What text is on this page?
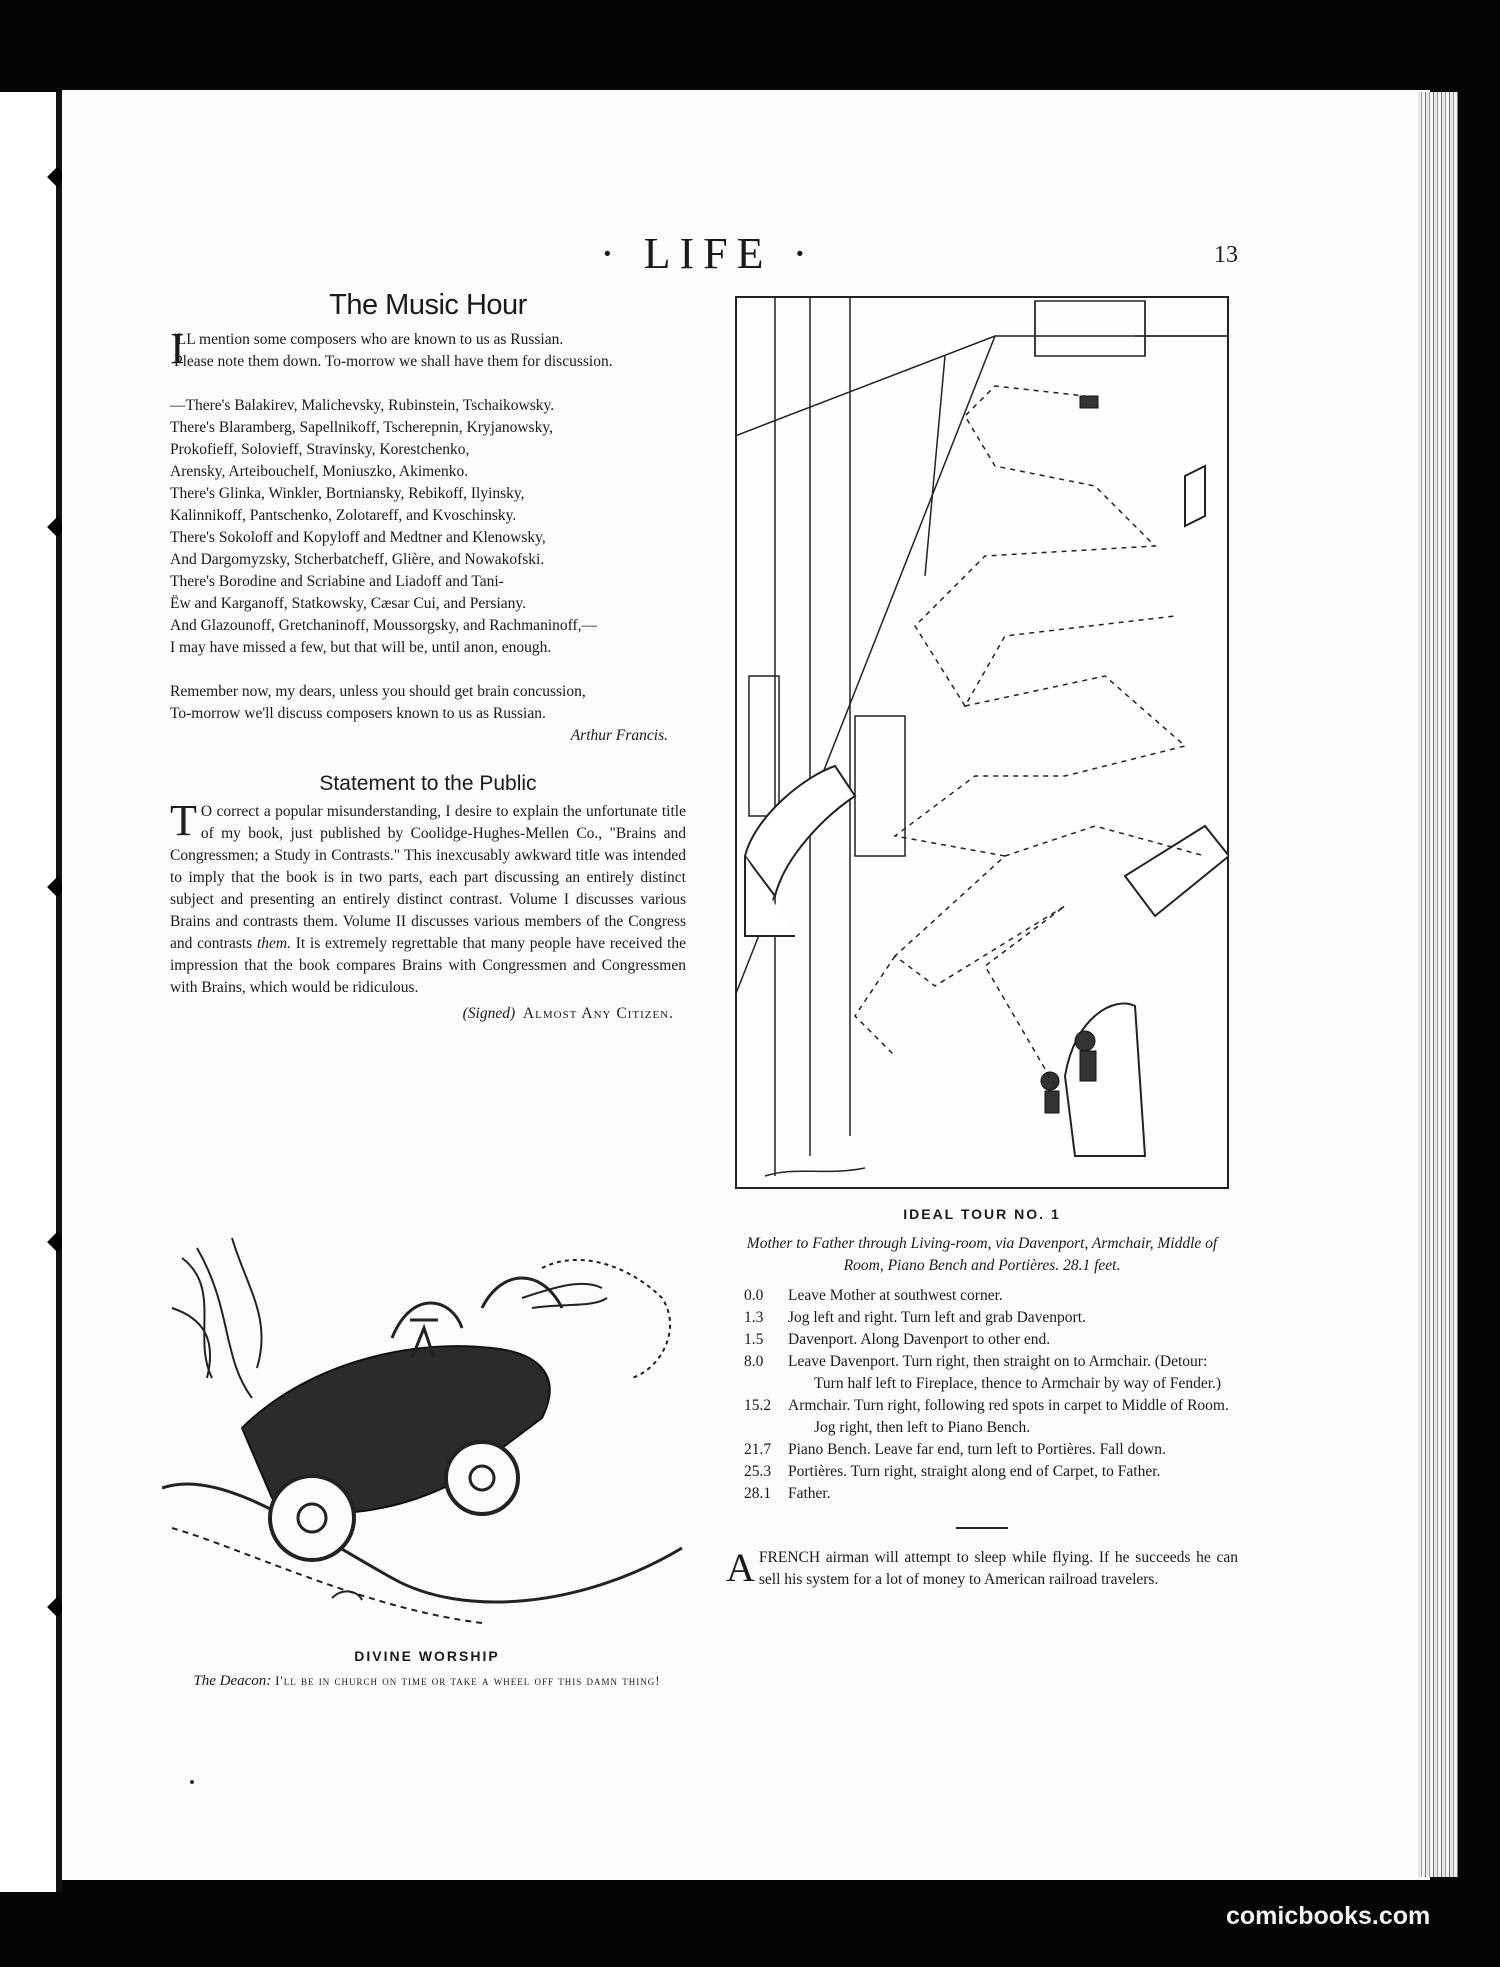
· LIFE ·	13
The Music Hour

I
'LL mention some composers who are known to us as Russian.

Please note them down. To-morrow we shall have them for discussion.

—There's Balakirev, Malichevsky, Rubinstein, Tschaikowsky.

There's Blaramberg, Sapellnikoff, Tscherepnin, Kryjanowsky,

Prokofieff, Solovieff, Stravinsky, Korestchenko,

Arensky, Arteibouchelf, Moniuszko, Akimenko.

There's Glinka, Winkler, Bortniansky, Rebikoff, Ilyinsky,

Kalinnikoff, Pantschenko, Zolotareff, and Kvoschinsky.

There's Sokoloff and Kopyloff and Medtner and Klenowsky,

And Dargomyzsky, Stcherbatcheff, Glière, and Nowakofski.

There's Borodine and Scriabine and Liadoff and Tani-

Ëw and Karganoff, Statkowsky, Cæsar Cui, and Persiany.

And Glazounoff, Gretchaninoff, Moussorgsky, and Rachmaninoff,—

I may have missed a few, but that will be, until anon, enough.

Remember now, my dears, unless you should get brain concussion,

To-morrow we'll discuss composers known to us as Russian.

Arthur Francis.
Statement to the Public
T O correct a popular misunderstanding, I desire to explain the unfortunate title of my book, just published by Coolidge-Hughes-Mellen Co., "Brains and Congressmen; a Study in Contrasts." This inexcusably awkward title was intended to imply that the book is in two parts, each part discussing an entirely distinct subject and presenting an entirely distinct contrast. Volume I discusses various Brains and contrasts them. Volume II discusses various members of the Congress and contrasts them. It is extremely regrettable that many people have received the impression that the book compares Brains with Congressmen and Congressmen with Brains, which would be ridiculous.
(Signed) Almost Any Citizen.
DIVINE WORSHIP
The Deacon: I'll be in church on time or take a wheel off this damn thing!
IDEAL TOUR NO. 1
Mother to Father through Living-room, via Davenport, Armchair, Middle of Room, Piano Bench and Portières. 28.1 feet.
0.0	Leave Mother at southwest corner.
1.3	Jog left and right. Turn left and grab Davenport.
1.5	Davenport. Along Davenport to other end.
8.0	Leave Davenport. Turn right, then straight on to Armchair. (Detour: Turn half left to Fireplace, thence to Armchair by way of Fender.)
15.2	Armchair. Turn right, following red spots in carpet to Middle of Room. Jog right, then left to Piano Bench.
21.7	Piano Bench. Leave far end, turn left to Portières. Fall down.
25.3	Portières. Turn right, straight along end of Carpet, to Father.
28.1	Father.
AFRENCH airman will attempt to sleep while flying. If he succeeds he can sell his system for a lot of money to American railroad travelers.
comicbooks.com
